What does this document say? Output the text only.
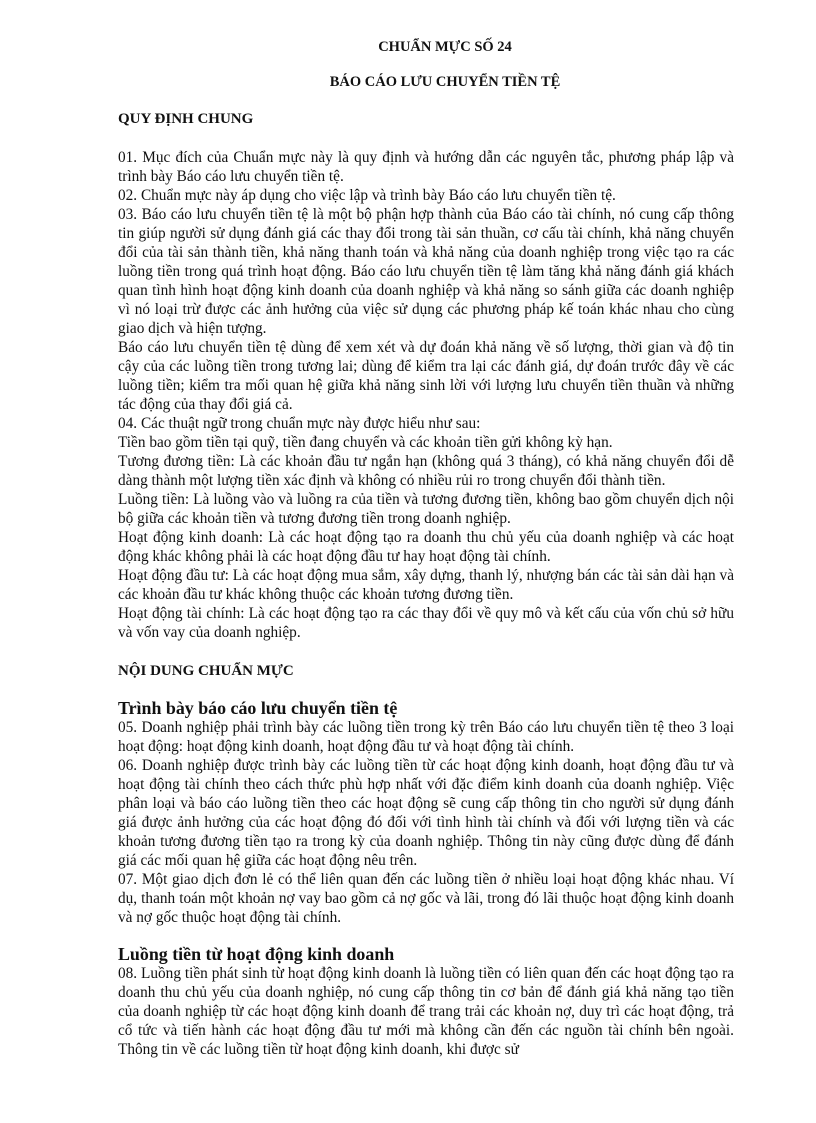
CHUẨN MỰC SỐ 24
BÁO CÁO LƯU CHUYỂN TIỀN TỆ
QUY ĐỊNH CHUNG

01. Mục đích của Chuẩn mực này là quy định và hướng dẫn các nguyên tắc, phương pháp lập và trình bày Báo cáo lưu chuyển tiền tệ.

02. Chuẩn mực này áp dụng cho việc lập và trình bày Báo cáo lưu chuyển tiền tệ.

03. Báo cáo lưu chuyển tiền tệ là một bộ phận hợp thành của Báo cáo tài chính, nó cung cấp thông tin giúp người sử dụng đánh giá các thay đổi trong tài sản thuần, cơ cấu tài chính, khả năng chuyển đổi của tài sản thành tiền, khả năng thanh toán và khả năng của doanh nghiệp trong việc tạo ra các luồng tiền trong quá trình hoạt động. Báo cáo lưu chuyển tiền tệ làm tăng khả năng đánh giá khách quan tình hình hoạt động kinh doanh của doanh nghiệp và khả năng so sánh giữa các doanh nghiệp vì nó loại trừ được các ảnh hưởng của việc sử dụng các phương pháp kế toán khác nhau cho cùng giao dịch và hiện tượng.

Báo cáo lưu chuyển tiền tệ dùng để xem xét và dự đoán khả năng về số lượng, thời gian và độ tin cậy của các luồng tiền trong tương lai; dùng để kiểm tra lại các đánh giá, dự đoán trước đây về các luồng tiền; kiểm tra mối quan hệ giữa khả năng sinh lời với lượng lưu chuyển tiền thuần và những tác động của thay đổi giá cả.

04. Các thuật ngữ trong chuẩn mực này được hiểu như sau:

Tiền bao gồm tiền tại quỹ, tiền đang chuyển và các khoản tiền gửi không kỳ hạn.

Tương đương tiền: Là các khoản đầu tư ngắn hạn (không quá 3 tháng), có khả năng chuyển đổi dễ dàng thành một lượng tiền xác định và không có nhiều rủi ro trong chuyển đổi thành tiền.

Luồng tiền: Là luồng vào và luồng ra của tiền và tương đương tiền, không bao gồm chuyển dịch nội bộ giữa các khoản tiền và tương đương tiền trong doanh nghiệp.

Hoạt động kinh doanh: Là các hoạt động tạo ra doanh thu chủ yếu của doanh nghiệp và các hoạt động khác không phải là các hoạt động đầu tư hay hoạt động tài chính.

Hoạt động đầu tư: Là các hoạt động mua sắm, xây dựng, thanh lý, nhượng bán các tài sản dài hạn và các khoản đầu tư khác không thuộc các khoản tương đương tiền.

Hoạt động tài chính: Là các hoạt động tạo ra các thay đổi về quy mô và kết cấu của vốn chủ sở hữu và vốn vay của doanh nghiệp.

NỘI DUNG CHUẨN MỰC
Trình bày báo cáo lưu chuyển tiền tệ

05. Doanh nghiệp phải trình bày các luồng tiền trong kỳ trên Báo cáo lưu chuyển tiền tệ theo 3 loại hoạt động: hoạt động kinh doanh, hoạt động đầu tư và hoạt động tài chính.

06. Doanh nghiệp được trình bày các luồng tiền từ các hoạt động kinh doanh, hoạt động đầu tư và hoạt động tài chính theo cách thức phù hợp nhất với đặc điểm kinh doanh của doanh nghiệp. Việc phân loại và báo cáo luồng tiền theo các hoạt động sẽ cung cấp thông tin cho người sử dụng đánh giá được ảnh hưởng của các hoạt động đó đối với tình hình tài chính và đối với lượng tiền và các khoản tương đương tiền tạo ra trong kỳ của doanh nghiệp. Thông tin này cũng được dùng để đánh giá các mối quan hệ giữa các hoạt động nêu trên.

07. Một giao dịch đơn lẻ có thể liên quan đến các luồng tiền ở nhiều loại hoạt động khác nhau. Ví dụ, thanh toán một khoản nợ vay bao gồm cả nợ gốc và lãi, trong đó lãi thuộc hoạt động kinh doanh và nợ gốc thuộc hoạt động tài chính.

Luồng tiền từ hoạt động kinh doanh

08. Luồng tiền phát sinh từ hoạt động kinh doanh là luồng tiền có liên quan đến các hoạt động tạo ra doanh thu chủ yếu của doanh nghiệp, nó cung cấp thông tin cơ bản để đánh giá khả năng tạo tiền của doanh nghiệp từ các hoạt động kinh doanh để trang trải các khoản nợ, duy trì các hoạt động, trả cổ tức và tiến hành các hoạt động đầu tư mới mà không cần đến các nguồn tài chính bên ngoài. Thông tin về các luồng tiền từ hoạt động kinh doanh, khi được sử
